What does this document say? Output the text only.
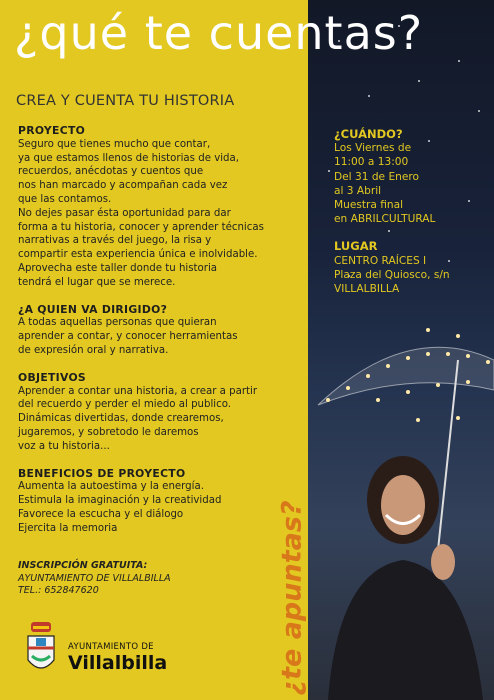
¿qué te cuentas?
CREA Y CUENTA TU HISTORIA
PROYECTO

Seguro que tienes mucho que contar,

ya que estamos llenos de historias de vida,

recuerdos, anécdotas y cuentos que

nos han marcado y acompañan cada vez

que las contamos.

No dejes pasar ésta oportunidad para dar

forma a tu historia, conocer y aprender técnicas

narrativas a través del juego, la risa y

compartir esta experiencia única e inolvidable.

Aprovecha este taller donde tu historia

tendrá el lugar que se merece.

¿A QUIEN VA DIRIGIDO?

A todas aquellas personas que quieran

aprender a contar, y conocer herramientas

de expresión oral y narrativa.

OBJETIVOS

Aprender a contar una historia, a crear a partir

del recuerdo y perder el miedo al publico.

Dinámicas divertidas, donde crearemos,

jugaremos, y sobretodo le daremos

voz a tu historia...

BENEFICIOS DE PROYECTO

Aumenta la autoestima y la energía.

Estimula la imaginación y la creatividad

Favorece la escucha y el diálogo

Ejercita la memoria

INSCRIPCIÓN GRATUITA:
AYUNTAMIENTO DE VILLALBILLA
TEL.: 652847620	¿te apuntas?
¿CUÁNDO?

Los Viernes de

11:00 a 13:00

Del 31 de Enero

al 3 Abril

Muestra final

en ABRILCULTURAL

LUGAR

CENTRO RAÍCES I

Plaza del Quiosco, s/n

VILLALBILLA

AYUNTAMIENTO DE
Villalbilla
